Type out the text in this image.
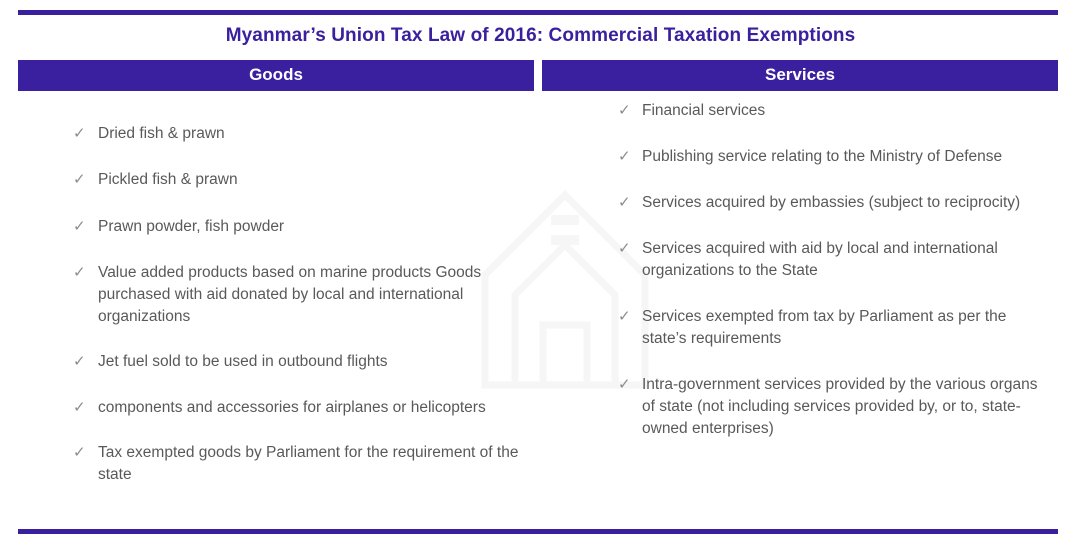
Myanmar’s Union Tax Law of 2016: Commercial Taxation Exemptions
Goods
✓ Dried fish & prawn
✓ Pickled fish & prawn
✓ Prawn powder, fish powder
✓ Value added products based on marine products Goods purchased with aid donated by local and international organizations
✓ Jet fuel sold to be used in outbound flights
✓ components and accessories for airplanes or helicopters
✓ Tax exempted goods by Parliament for the requirement of the state
Services
✓ Financial services
✓ Publishing service relating to the Ministry of Defense
✓ Services acquired by embassies (subject to reciprocity)
✓ Services acquired with aid by local and international organizations to the State
✓ Services exempted from tax by Parliament as per the state’s requirements
✓ Intra-government services provided by the various organs of state (not including services provided by, or to, state-owned enterprises)
